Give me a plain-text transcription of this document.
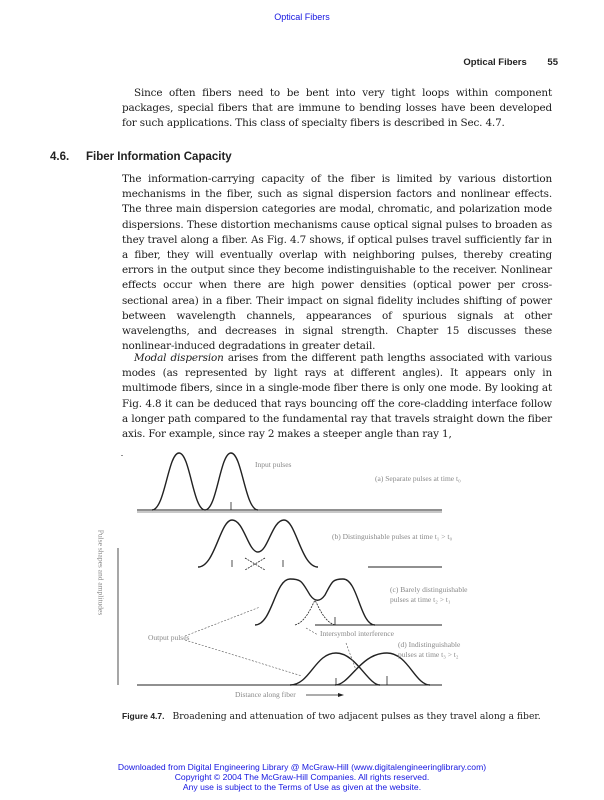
Optical Fibers
Optical Fibers 55

Since often fibers need to be bent into very tight loops within component packages, special fibers that are immune to bending losses have been developed for such applications. This class of specialty fibers is described in Sec. 4.7.

4.6. Fiber Information Capacity

The information-carrying capacity of the fiber is limited by various distortion mechanisms in the fiber, such as signal dispersion factors and nonlinear effects. The three main dispersion categories are modal, chromatic, and polarization mode dispersions. These distortion mechanisms cause optical signal pulses to broaden as they travel along a fiber. As Fig. 4.7 shows, if optical pulses travel sufficiently far in a fiber, they will eventually overlap with neighboring pulses, thereby creating errors in the output since they become indistinguishable to the receiver. Nonlinear effects occur when there are high power densities (optical power per cross-sectional area) in a fiber. Their impact on signal fidelity includes shifting of power between wavelength channels, appearances of spurious signals at other wavelengths, and decreases in signal strength. Chapter 15 discusses these nonlinear-induced degradations in greater detail.

Modal dispersion arises from the different path lengths associated with various modes (as represented by light rays at different angles). It appears only in multimode fibers, since in a single-mode fiber there is only one mode. By looking at Fig. 4.8 it can be deduced that rays bouncing off the core-cladding interface follow a longer path compared to the fundamental ray that travels straight down the fiber axis. For example, since ray 2 makes a steeper angle than ray 1,

Pulse shapes and amplitudes
Input pulses
(a) Separate pulses at time t₀
(b) Distinguishable pulses at time t₁ > t₀
(c) Barely distinguishable
pulses at time t₂ > t₁
Intersymbol interference
Output pulses
(d) Indistinguishable
pulses at time t₃ > t₂
Distance along fiber
Figure 4.7. Broadening and attenuation of two adjacent pulses as they travel along a fiber.
Downloaded from Digital Engineering Library @ McGraw-Hill (www.digitalengineeringlibrary.com)
Copyright © 2004 The McGraw-Hill Companies. All rights reserved.
Any use is subject to the Terms of Use as given at the website.
